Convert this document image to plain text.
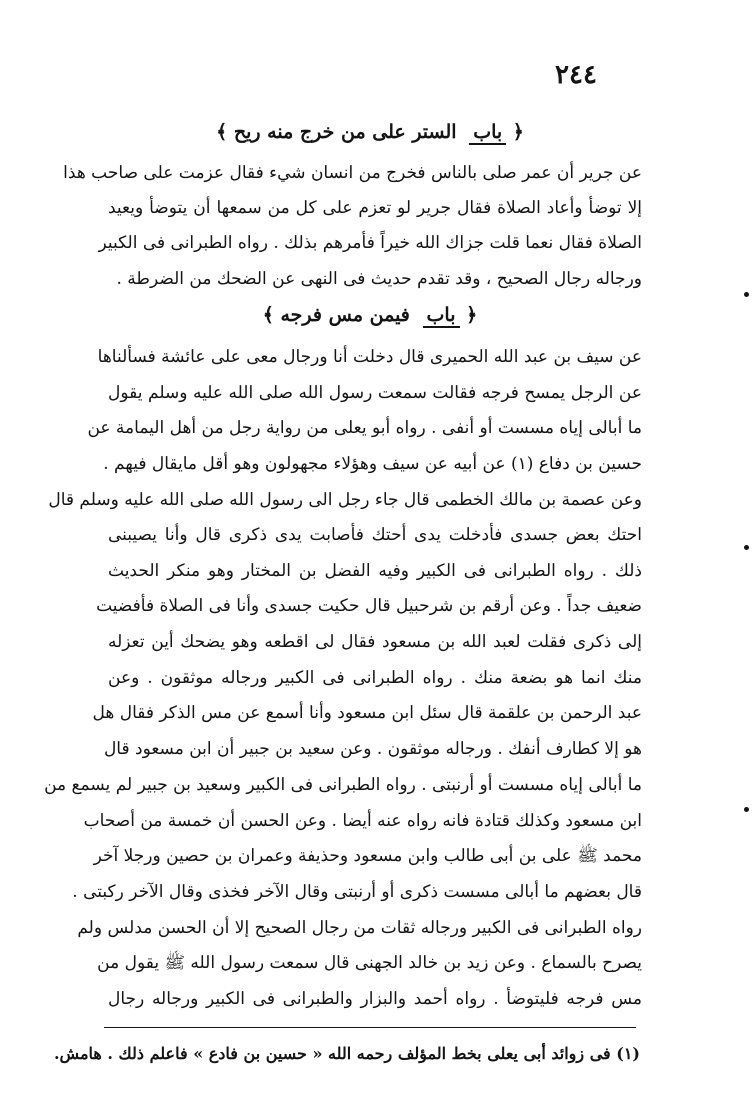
٢٤٤
﴿ باب الستر على من خرج منه ريح ﴾
عن جرير أن عمر صلى بالناس فخرج من انسان شيء فقال عزمت على صاحب هذا
إلا توضأ وأعاد الصلاة فقال جرير لو تعزم على كل من سمعها أن يتوضأ ويعيد
الصلاة فقال نعما قلت جزاك الله خيراً فأمرهم بذلك . رواه الطبرانى فى الكبير
ورجاله رجال الصحيح ، وقد تقدم حديث فى النهى عن الضحك من الضرطة .
﴿ باب فيمن مس فرجه ﴾
عن سيف بن عبد الله الحميرى قال دخلت أنا ورجال معى على عائشة فسألناها
عن الرجل يمسح فرجه فقالت سمعت رسول الله صلى الله عليه وسلم يقول
ما أبالى إياه مسست أو أنفى . رواه أبو يعلى من رواية رجل من أهل اليمامة عن
حسين بن دفاع (١) عن أبيه عن سيف وهؤلاء مجهولون وهو أقل مايقال فيهم .
وعن عصمة بن مالك الخطمى قال جاء رجل الى رسول الله صلى الله عليه وسلم قال
احتك بعض جسدى فأدخلت يدى أحتك فأصابت يدى ذكرى قال وأنا يصيبنى
ذلك . رواه الطبرانى فى الكبير وفيه الفضل بن المختار وهو منكر الحديث
ضعيف جداً . وعن أرقم بن شرحبيل قال حكيت جسدى وأنا فى الصلاة فأفضيت
إلى ذكرى فقلت لعبد الله بن مسعود فقال لى اقطعه وهو يضحك أين تعزله
منك انما هو بضعة منك . رواه الطبرانى فى الكبير ورجاله موثقون . وعن
عبد الرحمن بن علقمة قال سئل ابن مسعود وأنا أسمع عن مس الذكر فقال هل
هو إلا كطارف أنفك . ورجاله موثقون . وعن سعيد بن جبير أن ابن مسعود قال
ما أبالى إياه مسست أو أرنبتى . رواه الطبرانى فى الكبير وسعيد بن جبير لم يسمع من
ابن مسعود وكذلك قتادة فانه رواه عنه أيضا . وعن الحسن أن خمسة من أصحاب
محمد ﷺ على بن أبى طالب وابن مسعود وحذيفة وعمران بن حصين ورجلا آخر
قال بعضهم ما أبالى مسست ذكرى أو أرنبتى وقال الآخر فخذى وقال الآخر ركبتى .
رواه الطبرانى فى الكبير ورجاله ثقات من رجال الصحيح إلا أن الحسن مدلس ولم
يصرح بالسماع . وعن زيد بن خالد الجهنى قال سمعت رسول الله ﷺ يقول من
مس فرجه فليتوضأ . رواه أحمد والبزار والطبرانى فى الكبير ورجاله رجال
(١) فى زوائد أبى يعلى بخط المؤلف رحمه الله « حسين بن فادع » فاعلم ذلك . هامش.
